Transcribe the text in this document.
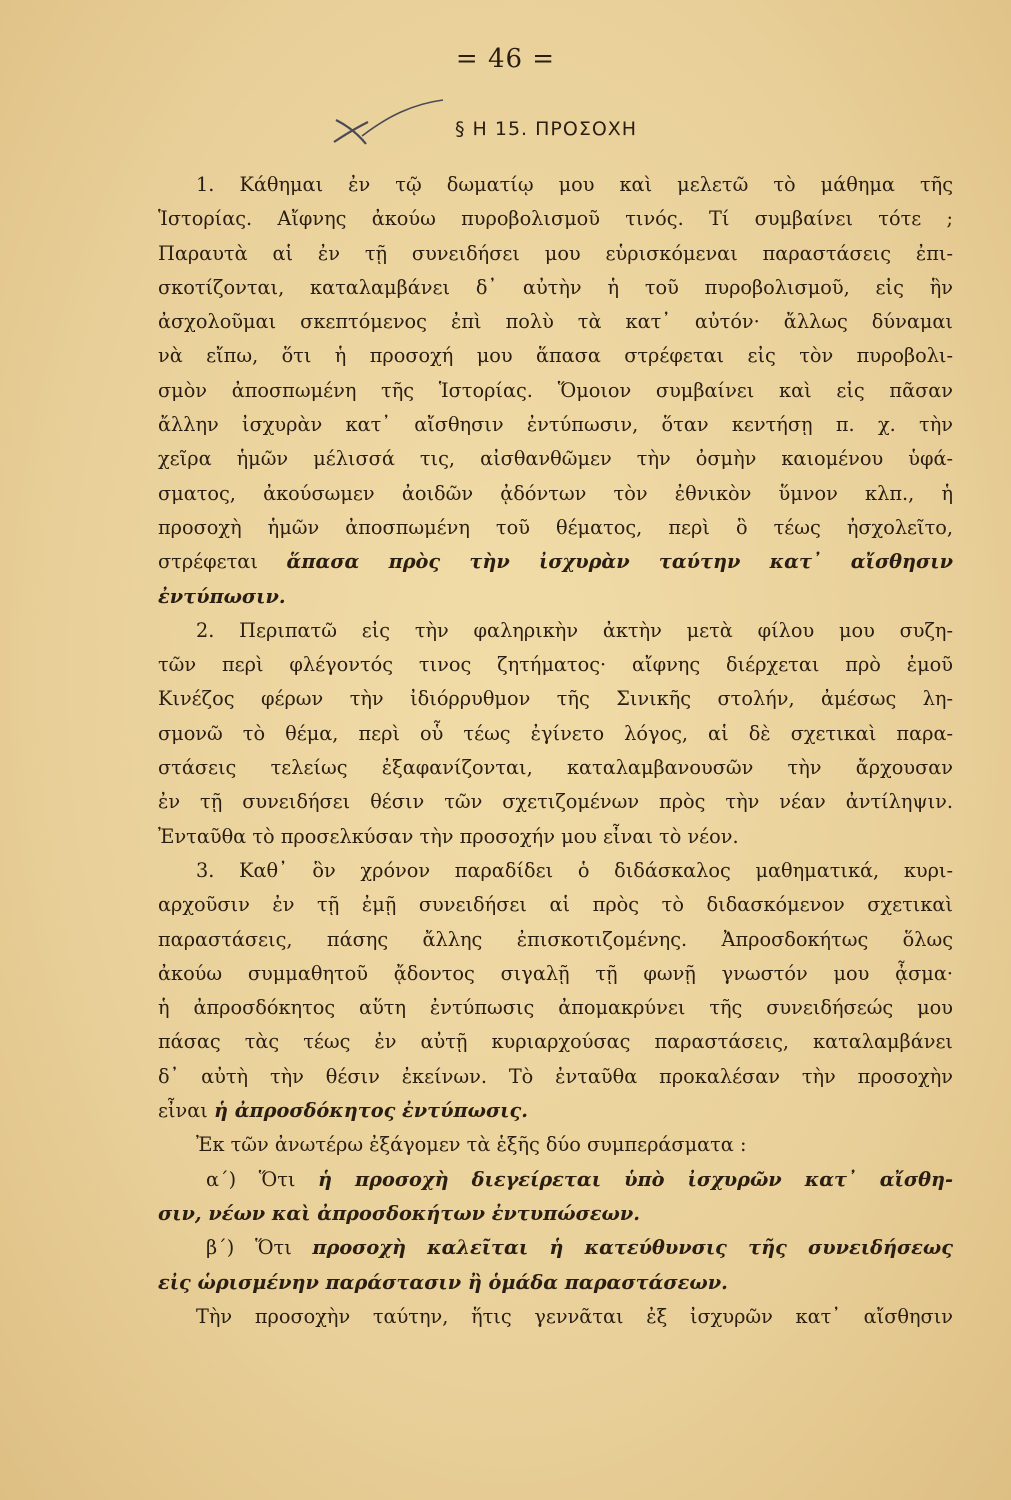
= 46 =
§ Η 15. ΠΡΟΣΟΧΗ
1. Κάθημαι ἐν τῷ δωματίῳ μου καὶ μελετῶ τὸ μάθημα τῆς
Ἱστορίας. Αἴφνης ἀκούω πυροβολισμοῦ τινός. Τί συμβαίνει τότε ;
Παραυτὰ αἱ ἐν τῇ συνειδήσει μου εὑρισκόμεναι παραστάσεις ἐπι-
σκοτίζονται, καταλαμβάνει δ᾿ αὐτὴν ἡ τοῦ πυροβολισμοῦ, εἰς ἣν
ἀσχολοῦμαι σκεπτόμενος ἐπὶ πολὺ τὰ κατ᾿ αὐτόν· ἄλλως δύναμαι
νὰ εἴπω, ὅτι ἡ προσοχή μου ἅπασα στρέφεται εἰς τὸν πυροβολι-
σμὸν ἀποσπωμένη τῆς Ἱστορίας. Ὅμοιον συμβαίνει καὶ εἰς πᾶσαν
ἄλλην ἰσχυρὰν κατ᾿ αἴσθησιν ἐντύπωσιν, ὅταν κεντήσῃ π. χ. τὴν
χεῖρα ἡμῶν μέλισσά τις, αἰσθανθῶμεν τὴν ὀσμὴν καιομένου ὑφά-
σματος, ἀκούσωμεν ἀοιδῶν ᾀδόντων τὸν ἐθνικὸν ὕμνον κλπ., ἡ
προσοχὴ ἡμῶν ἀποσπωμένη τοῦ θέματος, περὶ ὃ τέως ἠσχολεῖτο,
στρέφεται ἅπασα πρὸς τὴν ἰσχυρὰν ταύτην κατ᾿ αἴσθησιν
ἐντύπωσιν.
2. Περιπατῶ εἰς τὴν φαληρικὴν ἀκτὴν μετὰ φίλου μου συζη-
τῶν περὶ φλέγοντός τινος ζητήματος· αἴφνης διέρχεται πρὸ ἐμοῦ
Κινέζος φέρων τὴν ἰδιόρρυθμον τῆς Σινικῆς στολήν, ἀμέσως λη-
σμονῶ τὸ θέμα, περὶ οὗ τέως ἐγίνετο λόγος, αἱ δὲ σχετικαὶ παρα-
στάσεις τελείως ἐξαφανίζονται, καταλαμβανουσῶν τὴν ἄρχουσαν
ἐν τῇ συνειδήσει θέσιν τῶν σχετιζομένων πρὸς τὴν νέαν ἀντίληψιν.
Ἐνταῦθα τὸ προσελκύσαν τὴν προσοχήν μου εἶναι τὸ νέον.
3. Καθ᾿ ὃν χρόνον παραδίδει ὁ διδάσκαλος μαθηματικά, κυρι-
αρχοῦσιν ἐν τῇ ἐμῇ συνειδήσει αἱ πρὸς τὸ διδασκόμενον σχετικαὶ
παραστάσεις, πάσης ἄλλης ἐπισκοτιζομένης. Ἀπροσδοκήτως ὅλως
ἀκούω συμμαθητοῦ ᾄδοντος σιγαλῇ τῇ φωνῇ γνωστόν μου ᾆσμα·
ἡ ἀπροσδόκητος αὕτη ἐντύπωσις ἀπομακρύνει τῆς συνειδήσεώς μου
πάσας τὰς τέως ἐν αὐτῇ κυριαρχούσας παραστάσεις, καταλαμβάνει
δ᾿ αὐτὴ τὴν θέσιν ἐκείνων. Τὸ ἐνταῦθα προκαλέσαν τὴν προσοχὴν
εἶναι ἡ ἀπροσδόκητος ἐντύπωσις.
Ἐκ τῶν ἀνωτέρω ἐξάγομεν τὰ ἑξῆς δύο συμπεράσματα :
α΄) Ὅτι ἡ προσοχὴ διεγείρεται ὑπὸ ἰσχυρῶν κατ᾿ αἴσθη-
σιν, νέων καὶ ἀπροσδοκήτων ἐντυπώσεων.
β΄) Ὅτι προσοχὴ καλεῖται ἡ κατεύθυνσις τῆς συνειδήσεως
εἰς ὡρισμένην παράστασιν ἢ ὁμάδα παραστάσεων.
Τὴν προσοχὴν ταύτην, ἥτις γεννᾶται ἐξ ἰσχυρῶν κατ᾿ αἴσθησιν
